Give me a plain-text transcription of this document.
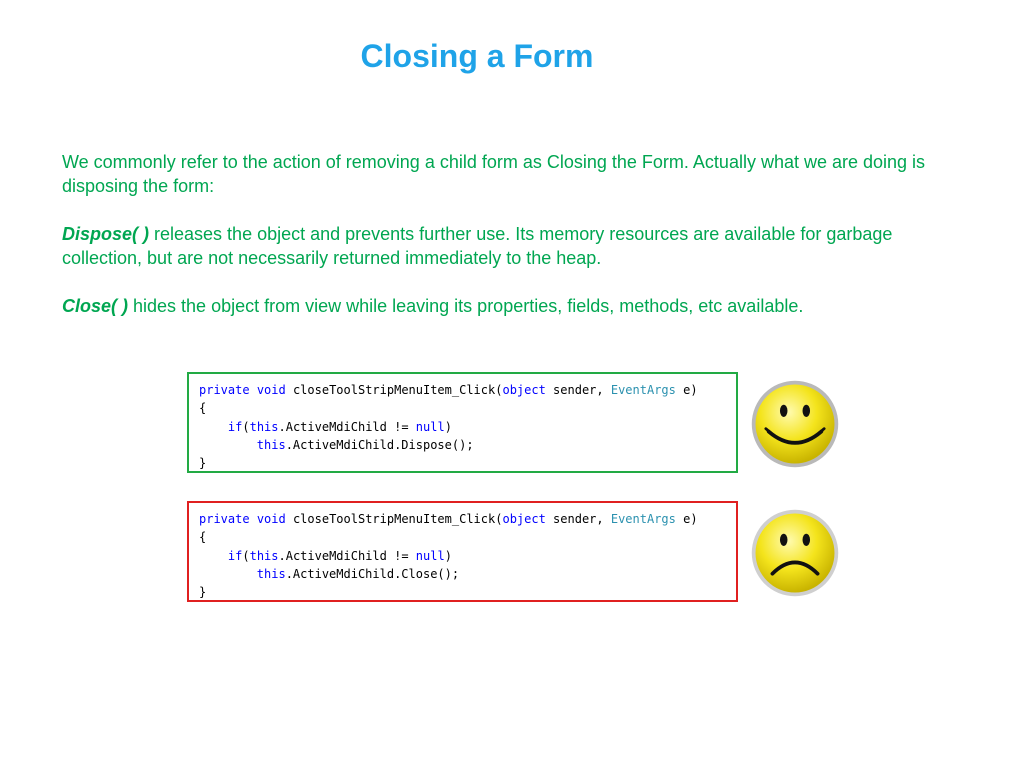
Closing a Form

We commonly refer to the action of removing a child form as Closing the Form. Actually what we are doing is disposing the form:

Dispose( ) releases the object and prevents further use. Its memory resources are available for garbage collection, but are not necessarily returned immediately to the heap.

Close( ) hides the object from view while leaving its properties, fields, methods, etc available.

private void closeToolStripMenuItem_Click(object sender, EventArgs e)
{
if(this.ActiveMdiChild != null)
this.ActiveMdiChild.Dispose();
}
private void closeToolStripMenuItem_Click(object sender, EventArgs e)
{
if(this.ActiveMdiChild != null)
this.ActiveMdiChild.Close();
}
